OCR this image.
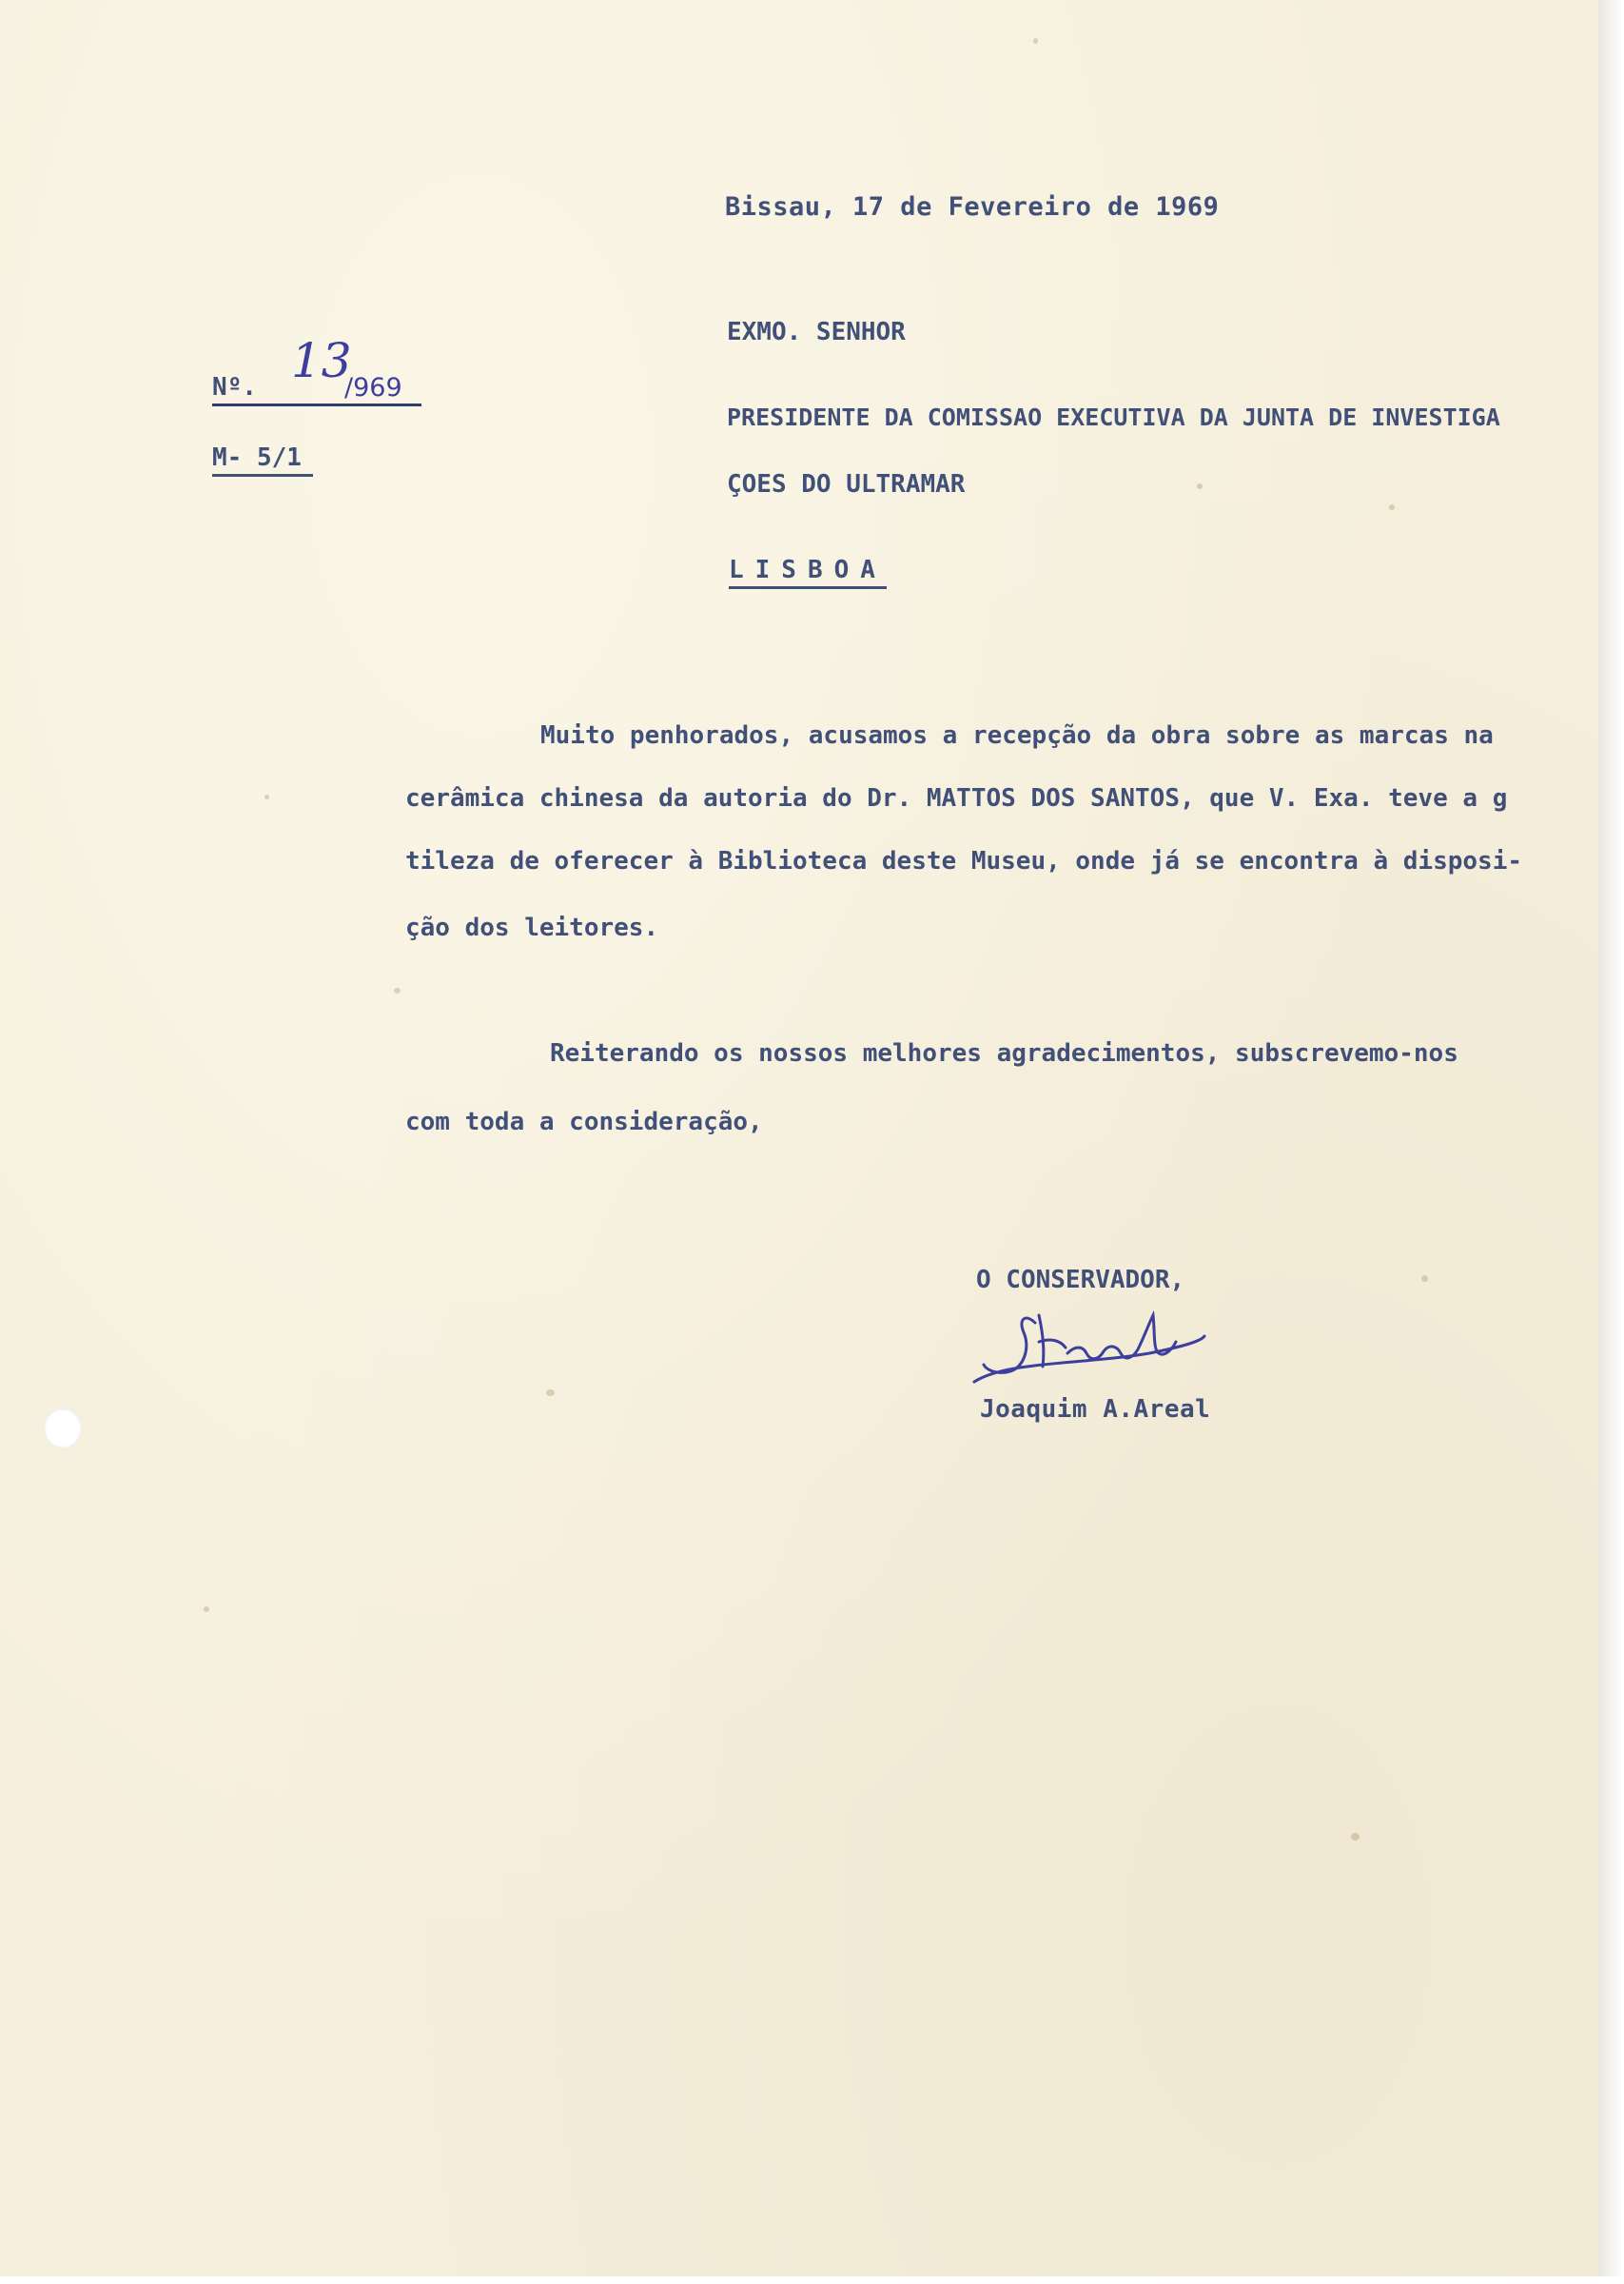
Bissau, 17 de Fevereiro de 1969
Nº. 13
/969
M- 5/1
EXMO. SENHOR
PRESIDENTE DA COMISSAO EXECUTIVA DA JUNTA DE INVESTIGA
ÇOES DO ULTRAMAR
LISBOA
Muito penhorados, acusamos a recepção da obra sobre as marcas na
cerâmica chinesa da autoria do Dr. MATTOS DOS SANTOS, que V. Exa. teve a g
tileza de oferecer à Biblioteca deste Museu, onde já se encontra à disposi-
ção dos leitores.
Reiterando os nossos melhores agradecimentos, subscrevemo-nos
com toda a consideração,
O CONSERVADOR,
Joaquim A.Areal
